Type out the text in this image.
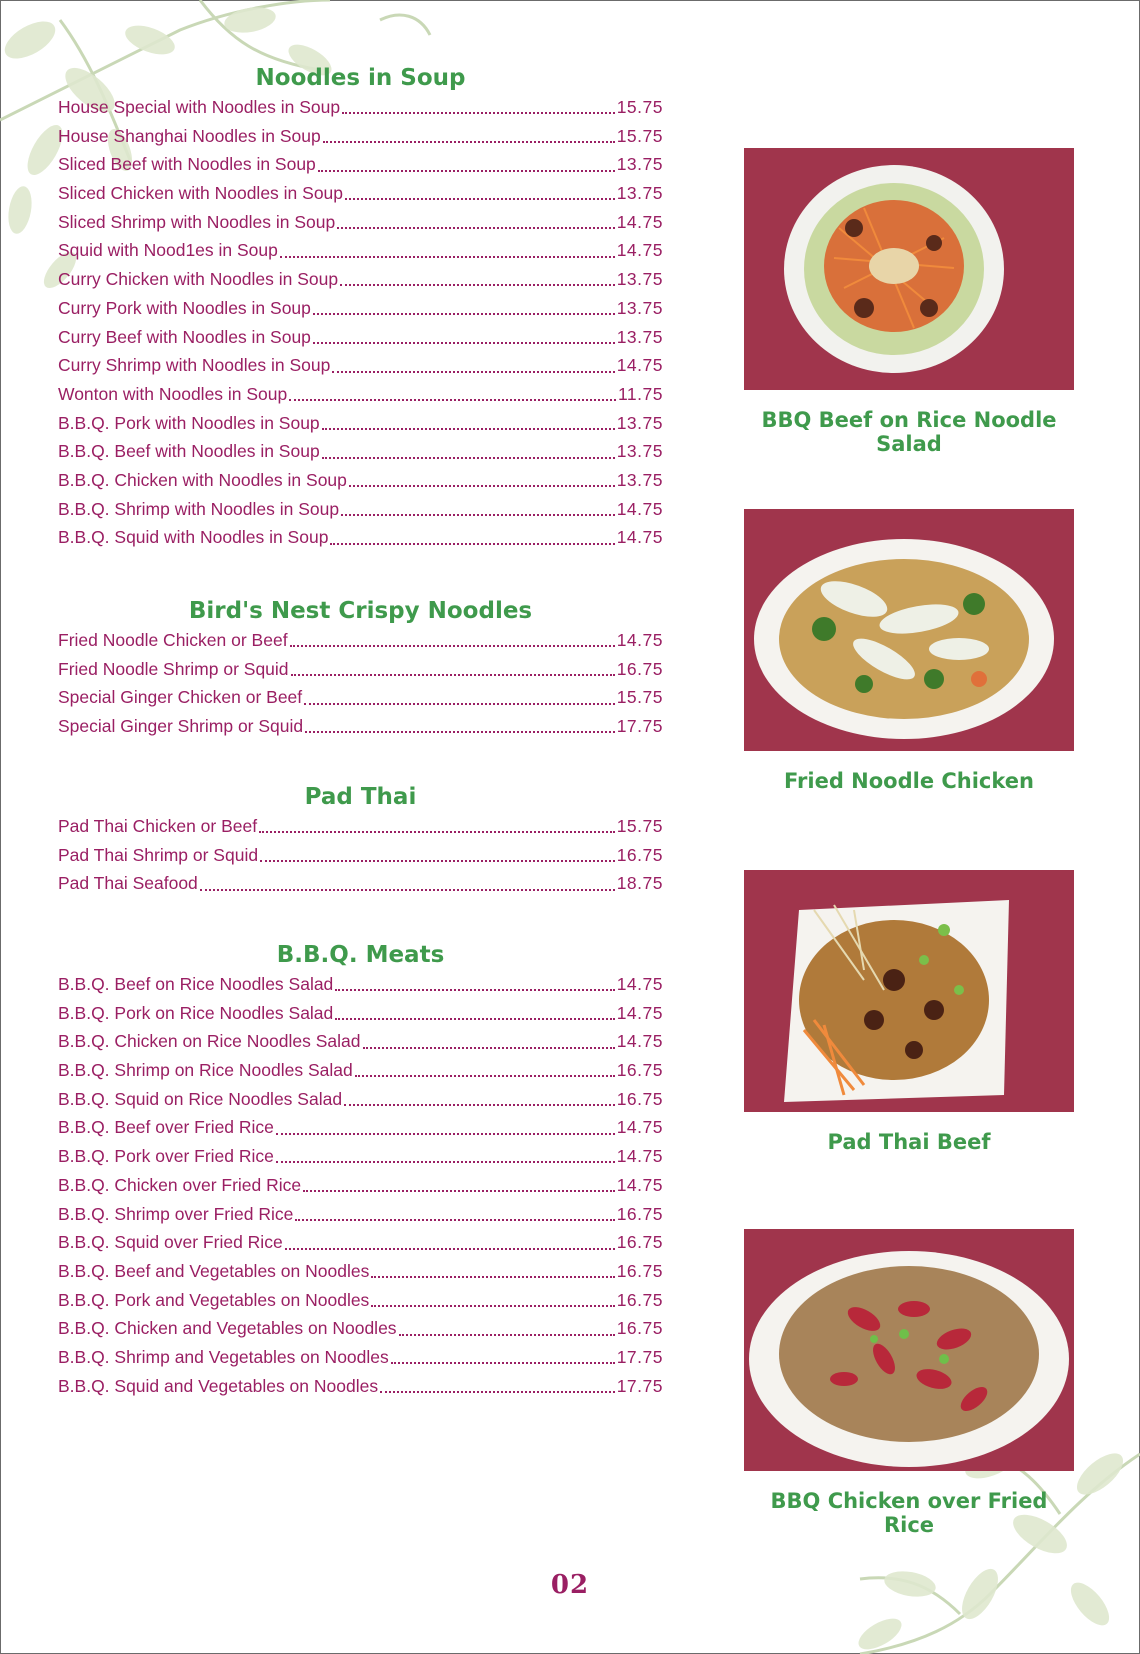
Noodles in Soup
House Special with Noodles in Soup	15.75
House Shanghai Noodles in Soup	15.75
Sliced Beef with Noodles in Soup	13.75
Sliced Chicken with Noodles in Soup	13.75
Sliced Shrimp with Noodles in Soup	14.75
Squid with Nood1es in Soup	14.75
Curry Chicken with Noodles in Soup	13.75
Curry Pork with Noodles in Soup	13.75
Curry Beef with Noodles in Soup	13.75
Curry Shrimp with Noodles in Soup	14.75
Wonton with Noodles in Soup	11.75
B.B.Q. Pork with Noodles in Soup	13.75
B.B.Q. Beef with Noodles in Soup	13.75
B.B.Q. Chicken with Noodles in Soup	13.75
B.B.Q. Shrimp with Noodles in Soup	14.75
B.B.Q. Squid with Noodles in Soup	14.75
Bird's Nest Crispy Noodles
Fried Noodle Chicken or Beef	14.75
Fried Noodle Shrimp or Squid	16.75
Special Ginger Chicken or Beef	15.75
Special Ginger Shrimp or Squid	17.75
Pad Thai
Pad Thai Chicken or Beef	15.75
Pad Thai Shrimp or Squid	16.75
Pad Thai Seafood	18.75
B.B.Q. Meats
B.B.Q. Beef on Rice Noodles Salad	14.75
B.B.Q. Pork on Rice Noodles Salad	14.75
B.B.Q. Chicken on Rice Noodles Salad	14.75
B.B.Q. Shrimp on Rice Noodles Salad	16.75
B.B.Q. Squid on Rice Noodles Salad	16.75
B.B.Q. Beef over Fried Rice	14.75
B.B.Q. Pork over Fried Rice	14.75
B.B.Q. Chicken over Fried Rice	14.75
B.B.Q. Shrimp over Fried Rice	16.75
B.B.Q. Squid over Fried Rice	16.75
B.B.Q. Beef and Vegetables on Noodles	16.75
B.B.Q. Pork and Vegetables on Noodles	16.75
B.B.Q. Chicken and Vegetables on Noodles	16.75
B.B.Q. Shrimp and Vegetables on Noodles	17.75
B.B.Q. Squid and Vegetables on Noodles	17.75
BBQ Beef on Rice Noodle Salad
Fried Noodle Chicken
Pad Thai Beef
BBQ Chicken over Fried Rice
02
